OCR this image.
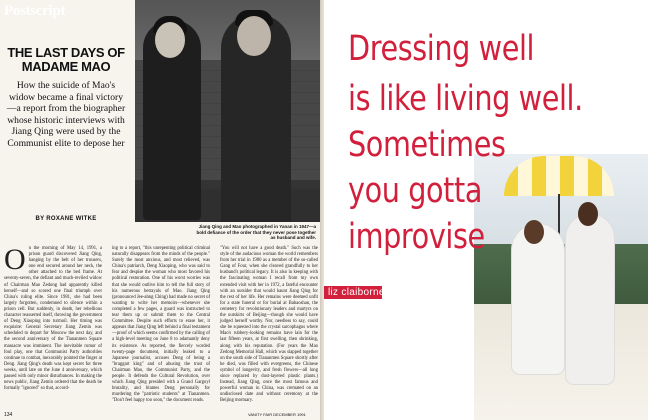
Postscript
THE LAST DAYS OF MADAME MAO
How the suicide of Mao's widow became a final victory—a report from the biographer whose historic interviews with Jiang Qing were used by the Communist elite to depose her
BY ROXANE WITKE
Jiang Qing and Mao photographed in Yanan in 1947—a bold defiance of the order that they never pose together as husband and wife.
On the morning of May 14, 1991, a prison guard discovered Jiang Qing, hanging by the belt of her trousers, one end secured around her neck, the other attached to the bed frame. At seventy-seven, the defiant and much-reviled widow of Chairman Mao Zedong had apparently killed herself—and so scored one final triumph over China's ruling elite. Since 1981, she had been largely forgotten, condemned to silence within a prison cell. But suddenly, in death, her rebellious character reasserted itself, throwing the government of Deng Xiaoping into turmoil. Her timing was exquisite: General Secretary Jiang Zemin was scheduled to depart for Moscow the next day, and the second anniversary of the Tiananmen Square massacre was imminent. The inevitable rumor of foul play, one that Communist Party authorities continue to combat, inexorably pointed the finger at Deng. Jiang Qing's death was kept secret for three weeks, until late on the June 4 anniversary, which passed with only minor disturbances. In making the news public, Jiang Zemin ordered that the death be formally "ignored" so that, accord-
ing to a report, "this unrepenting political criminal naturally disappears from the minds of the people." Surely the most anxious, and most relieved, was China's patriarch, Deng Xiaoping, who was said to fear and despise the woman who most favored his political restoration. One of his worst worries was that she would outlive him to tell the full story of his numerous betrayals of Mao. Jiang Qing (pronounced Jee-ahng Ching) had made no secret of wanting to write her memoirs—whenever she completed a few pages, a guard was instructed to tear them up or submit them to the Central Committee. Despite such efforts to erase her, it appears that Jiang Qing left behind a final testament—proof of which seems confirmed by the calling of a high-level meeting on June 8 to adamantly deny its existence. As reported, the fiercely worded twenty-page document, initially leaked to a Japanese journalist, accuses Deng of being a "braggart king" and of abusing the trust of Chairman Mao, the Communist Party, and the people. It defends the Cultural Revolution, over which Jiang Qing presided with a Grand Gargoyl brutality, and blames Deng personally for murdering the "patriotic students" at Tiananmen. "Don't feel happy too soon," the document reads.
"You will not have a good death." Such was the style of the audacious woman the world remembers from her trial in 1980 as a member of the so-called Gang of Four, when she cleaved grandfully to her husband's political legacy. It is also in keeping with the fascinating woman I recall from my own extended visit with her in 1972, a fateful encounter with an outsider that would haunt Jiang Qing for the rest of her life. Her remains were deemed unfit for a state funeral or for burial at Babaoshan, the cemetery for revolutionary leaders and martyrs on the outskirts of Beijing—though she would have judged herself worthy. Nor, needless to say, could she be squeezed into the crystal sarcophagus where Mao's rubbery-looking remains have lain for the last fifteen years, at first swelling, then shrinking, along with his reputation. (For years the Mao Zedong Memorial Hall, which was slapped together on the south side of Tiananmen Square shortly after he died, was filled with evergreens, the Chinese symbol of longevity, and fresh flowers—all long since replaced by dust-layered plastic plants.) Instead, Jiang Qing, once the most famous and powerful woman in China, was cremated on an undisclosed date and without ceremony at the Beijing mortuary.
134	VANITY FAIR DECEMBER 1991
Dressing well
is like living well.
Sometimes
you gotta
improvise
liz claiborne
